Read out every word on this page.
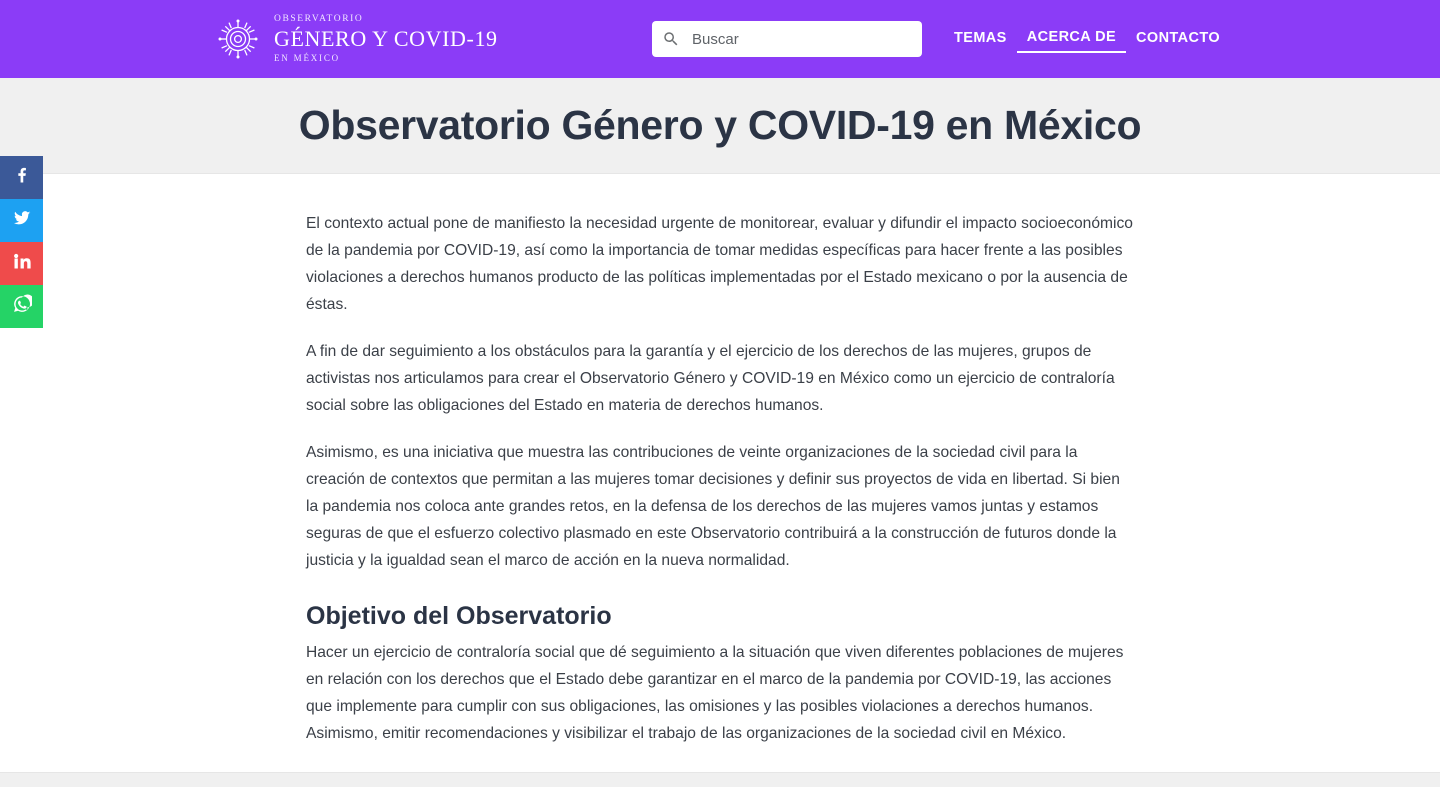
OBSERVATORIO
GÉNERO Y COVID-19
EN MÉXICO
Buscar
TEMAS	ACERCA DE	CONTACTO
Observatorio Género y COVID-19 en México

El contexto actual pone de manifiesto la necesidad urgente de monitorear, evaluar y difundir el impacto socioeconómico de la pandemia por COVID-19, así como la importancia de tomar medidas específicas para hacer frente a las posibles violaciones a derechos humanos producto de las políticas implementadas por el Estado mexicano o por la ausencia de éstas.

A fin de dar seguimiento a los obstáculos para la garantía y el ejercicio de los derechos de las mujeres, grupos de activistas nos articulamos para crear el Observatorio Género y COVID-19 en México como un ejercicio de contraloría social sobre las obligaciones del Estado en materia de derechos humanos.

Asimismo, es una iniciativa que muestra las contribuciones de veinte organizaciones de la sociedad civil para la creación de contextos que permitan a las mujeres tomar decisiones y definir sus proyectos de vida en libertad. Si bien la pandemia nos coloca ante grandes retos, en la defensa de los derechos de las mujeres vamos juntas y estamos seguras de que el esfuerzo colectivo plasmado en este Observatorio contribuirá a la construcción de futuros donde la justicia y la igualdad sean el marco de acción en la nueva normalidad.

Objetivo del Observatorio

Hacer un ejercicio de contraloría social que dé seguimiento a la situación que viven diferentes poblaciones de mujeres en relación con los derechos que el Estado debe garantizar en el marco de la pandemia por COVID-19, las acciones que implemente para cumplir con sus obligaciones, las omisiones y las posibles violaciones a derechos humanos. Asimismo, emitir recomendaciones y visibilizar el trabajo de las organizaciones de la sociedad civil en México.
